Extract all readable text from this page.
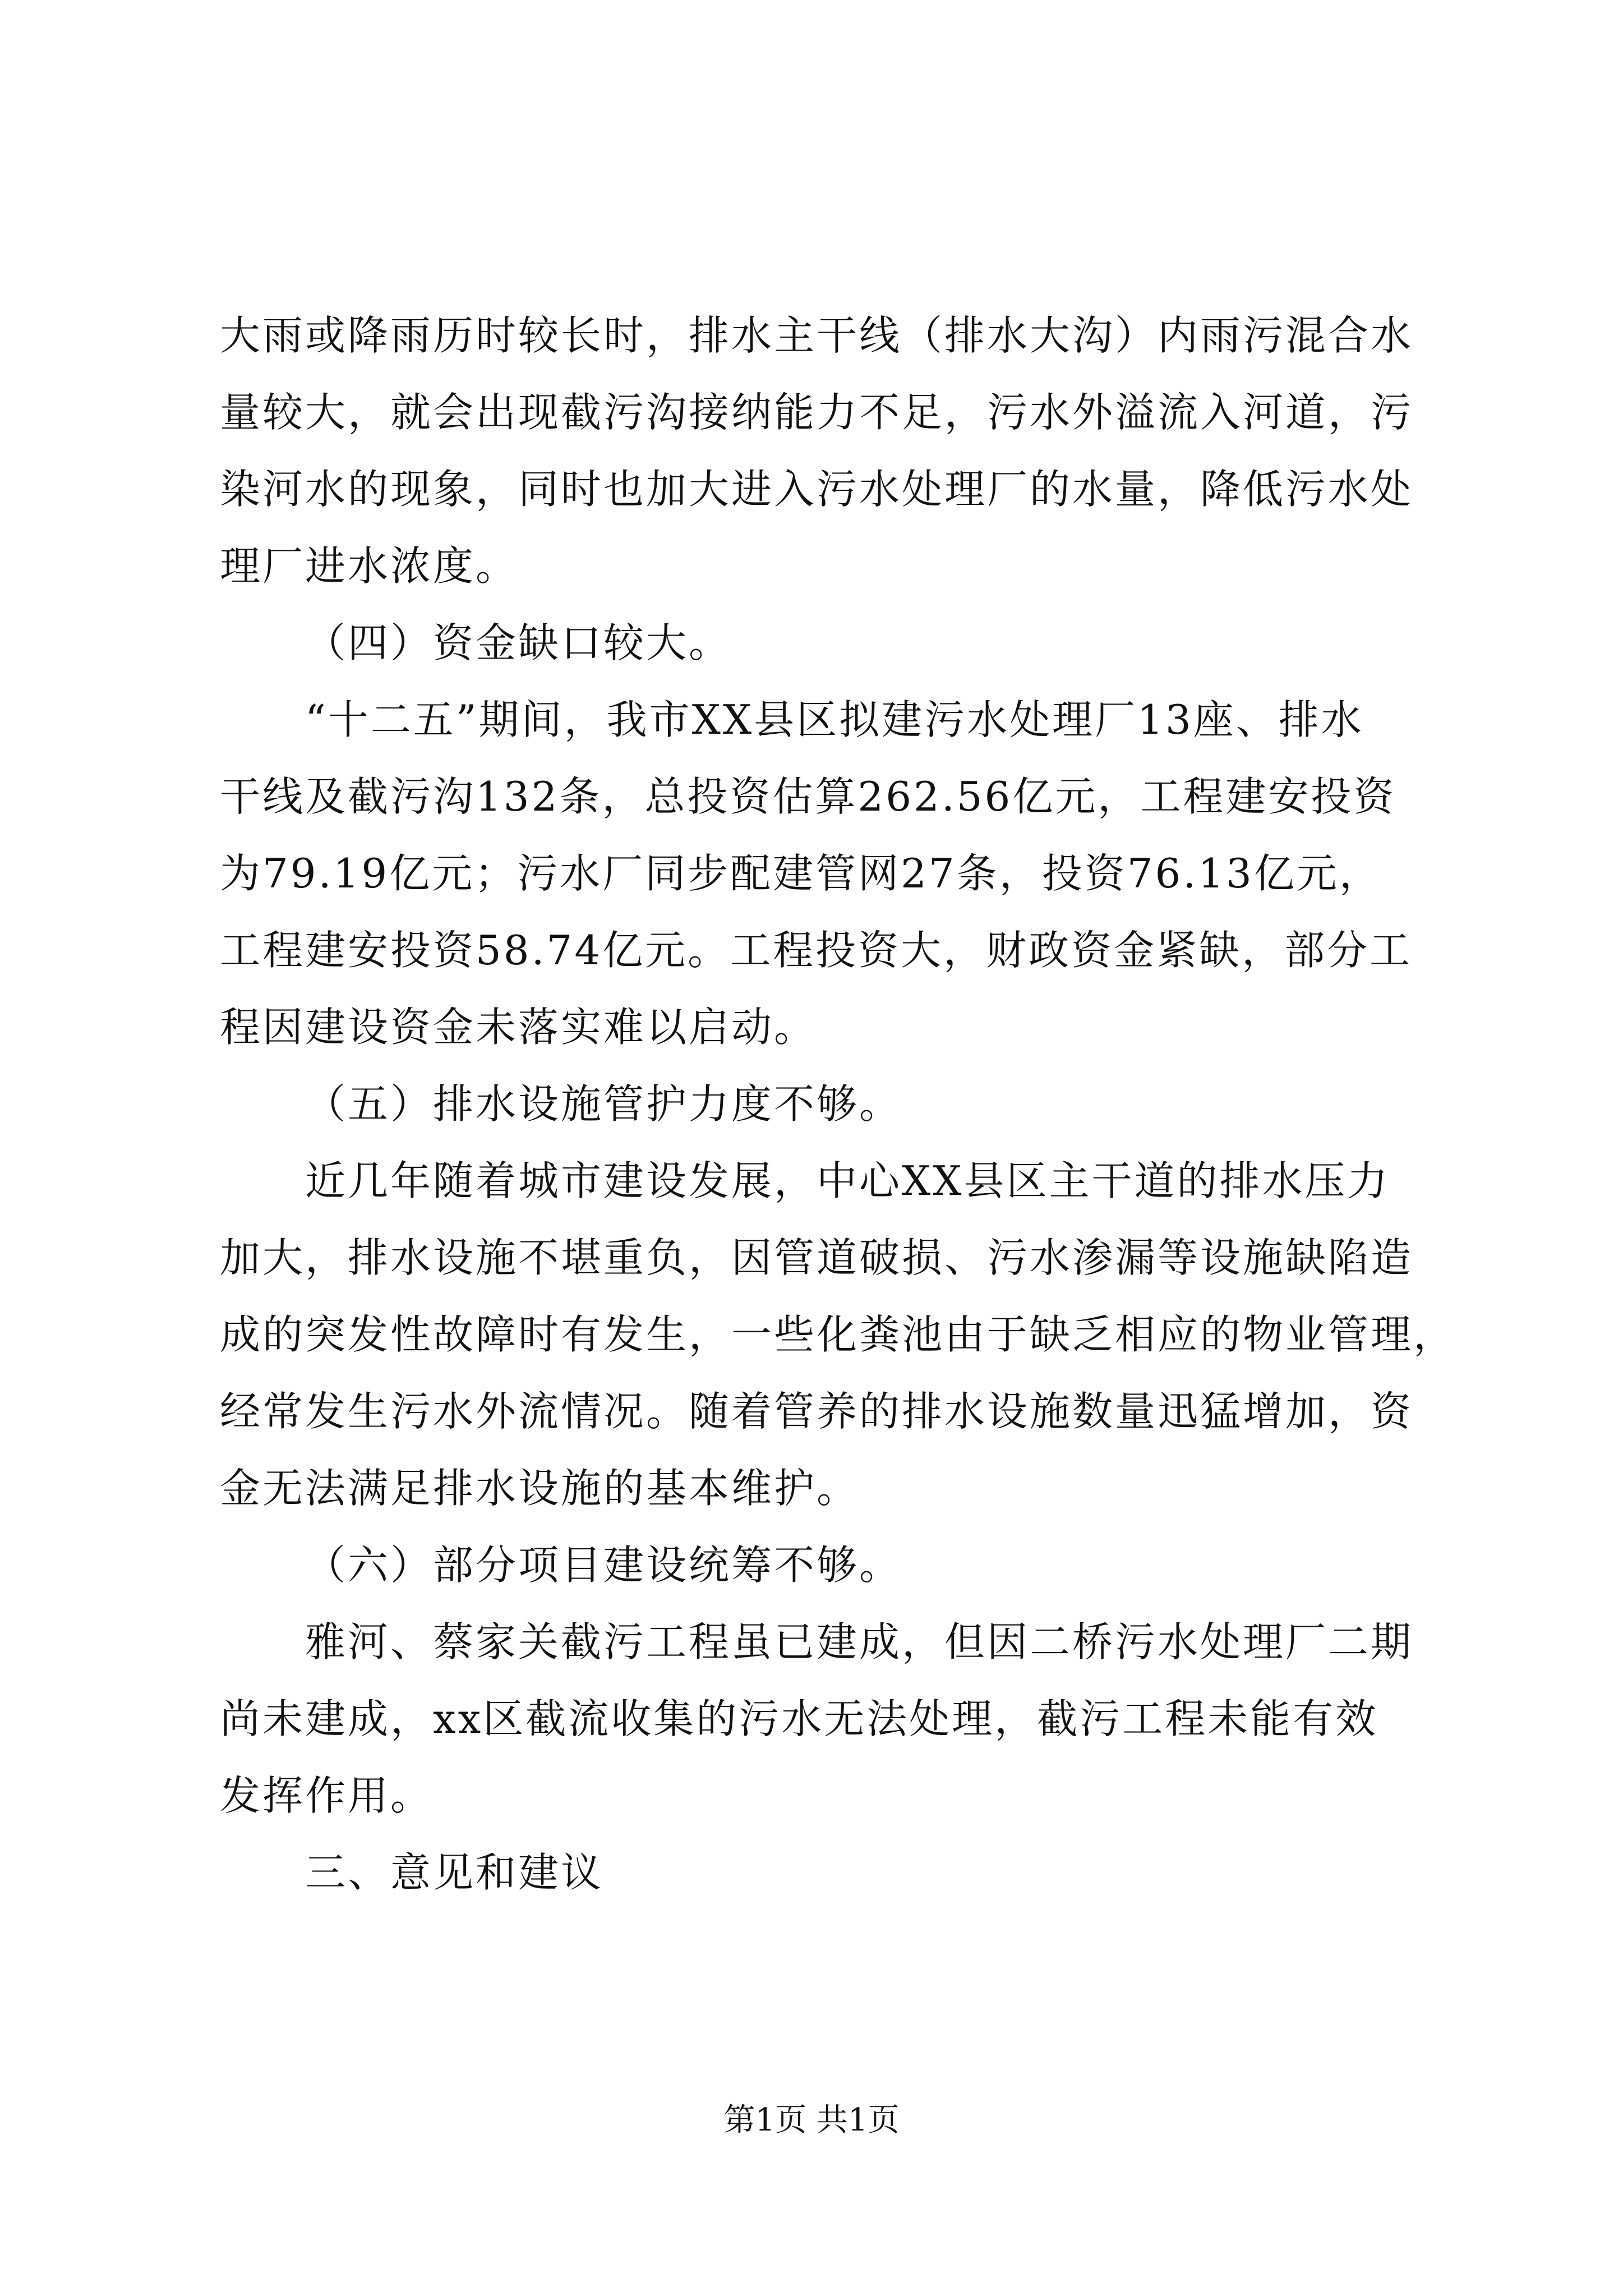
大雨或降雨历时较长时，排水主干线（排水大沟）内雨污混合水
量较大，就会出现截污沟接纳能力不足，污水外溢流入河道，污
染河水的现象，同时也加大进入污水处理厂的水量，降低污水处
理厂进水浓度。
（四）资金缺口较大。
“十二五”期间，我市XX县区拟建污水处理厂13座、排水
干线及截污沟132条，总投资估算262.56亿元，工程建安投资
为79.19亿元；污水厂同步配建管网27条，投资76.13亿元，
工程建安投资58.74亿元。工程投资大，财政资金紧缺，部分工
程因建设资金未落实难以启动。
（五）排水设施管护力度不够。
近几年随着城市建设发展，中心XX县区主干道的排水压力
加大，排水设施不堪重负，因管道破损、污水渗漏等设施缺陷造
成的突发性故障时有发生，一些化粪池由于缺乏相应的物业管理，
经常发生污水外流情况。随着管养的排水设施数量迅猛增加，资
金无法满足排水设施的基本维护。
（六）部分项目建设统筹不够。
雅河、蔡家关截污工程虽已建成，但因二桥污水处理厂二期
尚未建成，xx区截流收集的污水无法处理，截污工程未能有效
发挥作用。
三、意见和建议
第1页 共1页
